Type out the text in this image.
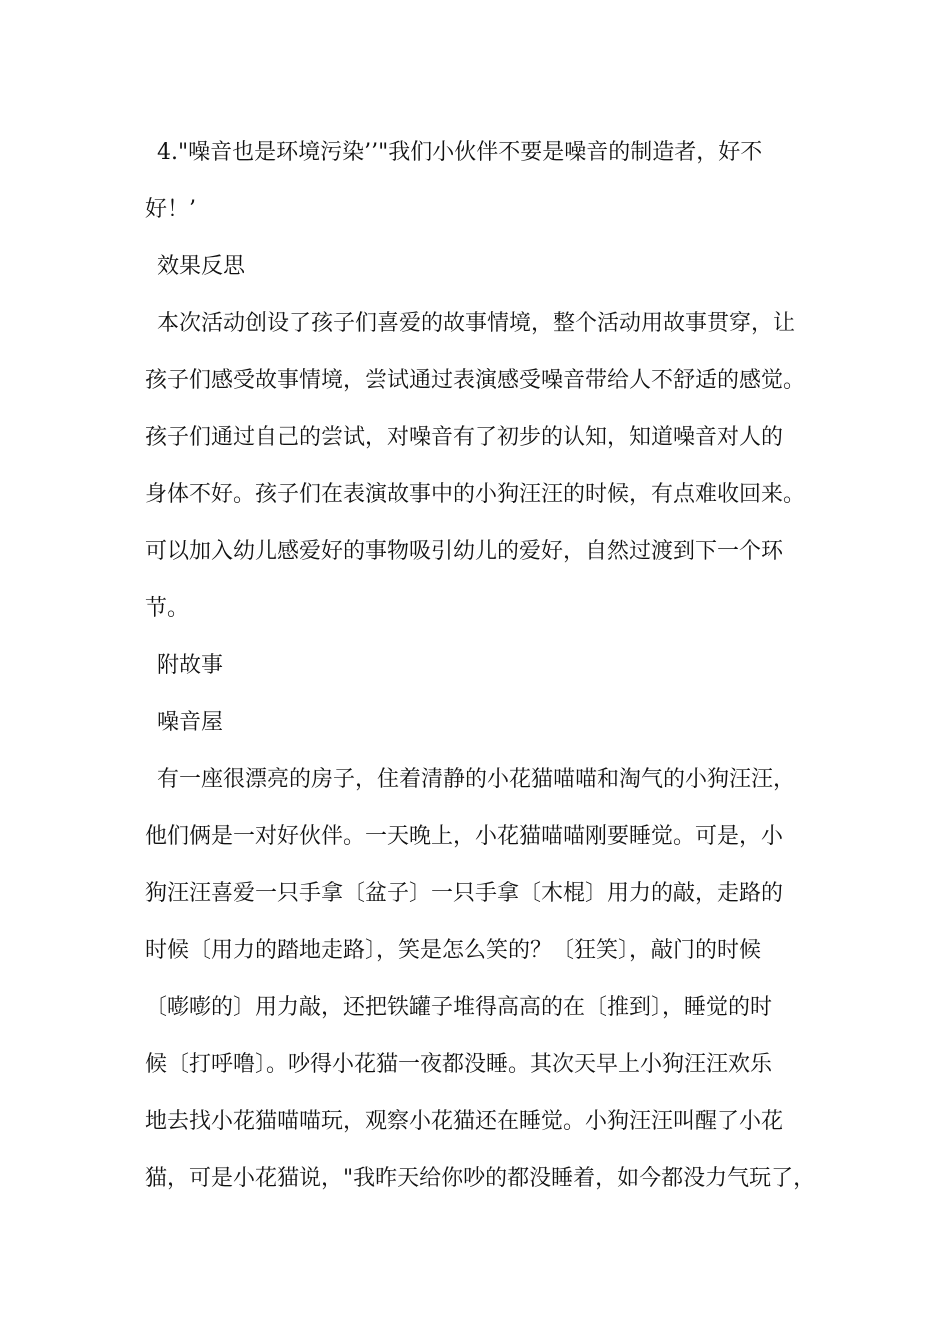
4."噪音也是环境污染’’"我们小伙伴不要是噪音的制造者，好不
好！’
效果反思
本次活动创设了孩子们喜爱的故事情境，整个活动用故事贯穿，让
孩子们感受故事情境，尝试通过表演感受噪音带给人不舒适的感觉。
孩子们通过自己的尝试，对噪音有了初步的认知，知道噪音对人的
身体不好。孩子们在表演故事中的小狗汪汪的时候，有点难收回来。
可以加入幼儿感爱好的事物吸引幼儿的爱好，自然过渡到下一个环
节。
附故事
噪音屋
有一座很漂亮的房子，住着清静的小花猫喵喵和淘气的小狗汪汪，
他们俩是一对好伙伴。一天晚上，小花猫喵喵刚要睡觉。可是，小
狗汪汪喜爱一只手拿〔盆子〕一只手拿〔木棍〕用力的敲，走路的
时候〔用力的踏地走路〕，笑是怎么笑的？〔狂笑〕，敲门的时候
〔嘭嘭的〕用力敲，还把铁罐子堆得高高的在〔推到〕，睡觉的时
候〔打呼噜〕。吵得小花猫一夜都没睡。其次天早上小狗汪汪欢乐
地去找小花猫喵喵玩，观察小花猫还在睡觉。小狗汪汪叫醒了小花
猫，可是小花猫说，"我昨天给你吵的都没睡着，如今都没力气玩了，
